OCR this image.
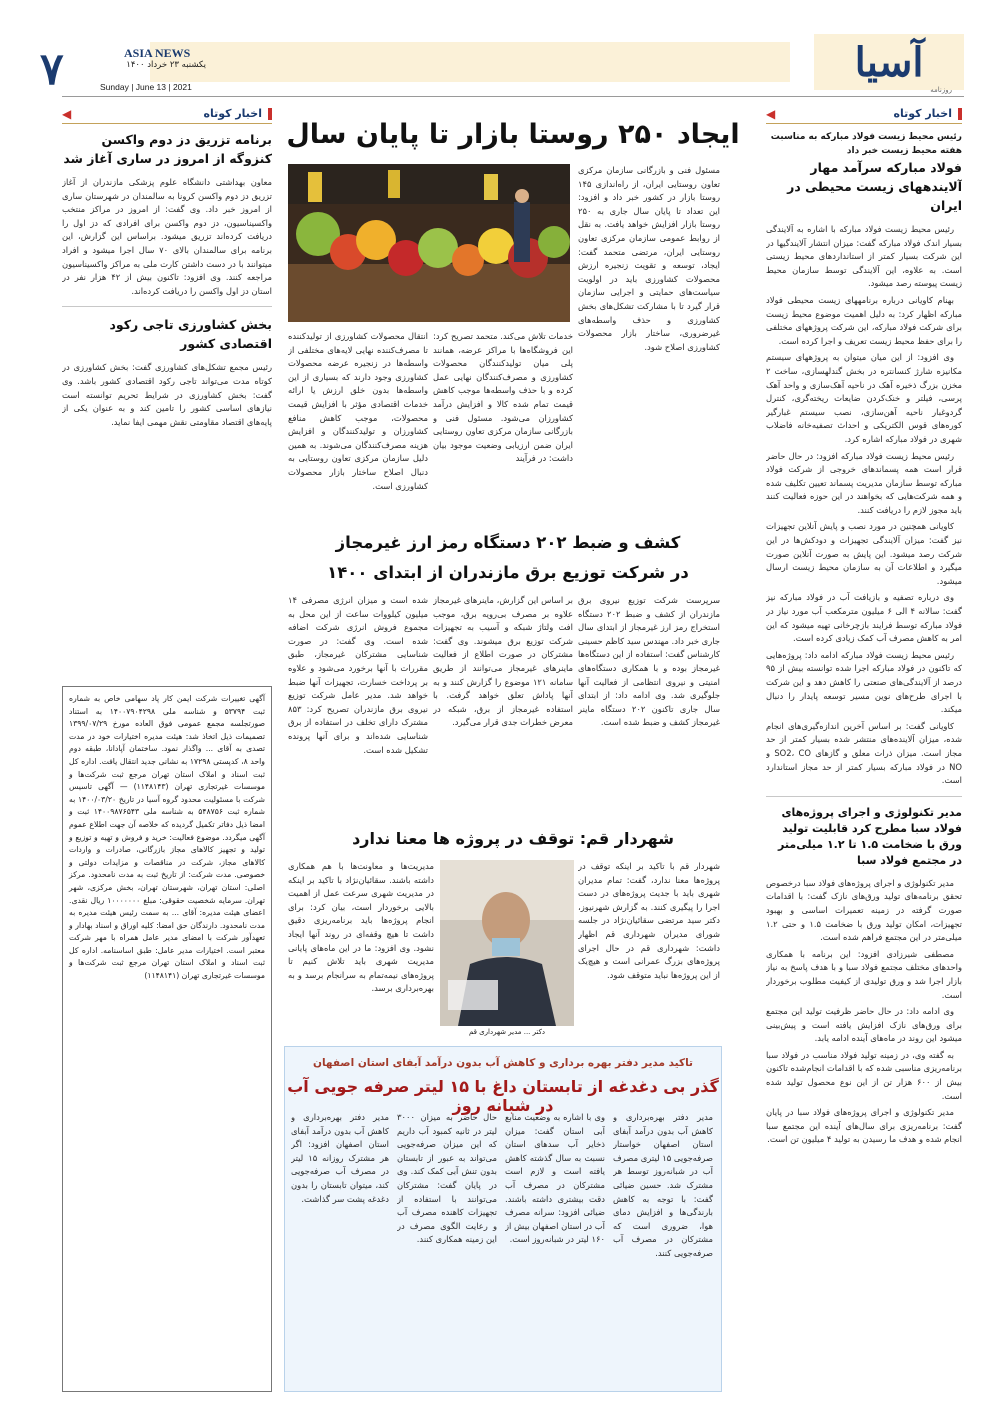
آسیا
روزنامه
۷	ASIA NEWS
یکشنبه ۲۳ خرداد ۱۴۰۰
Sunday | June 13 | 2021
اخبار کوتاه
◀
رئیس محیط زیست فولاد مبارکه به مناسبت هفته محیط زیست خبر داد
فولاد مبارکه سرآمد مهار آلایندههای زیست محیطی در ایران

رئیس محیط زیست فولاد مبارکه با اشاره به آلایندگی بسیار اندک فولاد مبارکه گفت: میزان انتشار آلایندگیها در این شرکت بسیار کمتر از استانداردهای محیط زیستی است. به علاوه، این آلایندگی توسط سازمان محیط زیست پیوسته رصد میشود.

بهنام کاویانی درباره برنامههای زیست محیطی فولاد مبارکه اظهار کرد: به دلیل اهمیت موضوع محیط زیست برای شرکت فولاد مبارکه، این شرکت پروژههای مختلفی را برای حفظ محیط زیست تعریف و اجرا کرده است.

وی افزود: از این میان میتوان به پروژههای سیستم مکانیزه شارژ کنسانتره در بخش گندلهسازی، ساخت ۲ مخزن بزرگ ذخیره آهک در ناحیه آهک‌سازی و واحد آهک پرسی، فیلتر و خنک‌کردن ضایعات ریخته‌گری، کنترل گردوغبار ناحیه آهن‌سازی، نصب سیستم غبارگیر کوره‌های قوس الکتریکی و احداث تصفیه‌خانه فاضلاب شهری در فولاد مبارکه اشاره کرد.

رئیس محیط زیست فولاد مبارکه افزود: در حال حاضر قرار است همه پسماندهای خروجی از شرکت فولاد مبارکه توسط سازمان مدیریت پسماند تعیین تکلیف شده و همه شرکت‌هایی که بخواهند در این حوزه فعالیت کنند باید مجوز لازم را دریافت کنند.

کاویانی همچنین در مورد نصب و پایش آنلاین تجهیزات نیز گفت: میزان آلایندگی تجهیزات و دودکش‌ها در این شرکت رصد میشود. این پایش به صورت آنلاین صورت میگیرد و اطلاعات آن به سازمان محیط زیست ارسال میشود.

وی درباره تصفیه و بازیافت آب در فولاد مبارکه نیز گفت: سالانه ۴ الی ۶ میلیون مترمکعب آب مورد نیاز در فولاد مبارکه توسط فرایند بازچرخانی تهیه میشود که این امر به کاهش مصرف آب کمک زیادی کرده است.

رئیس محیط زیست فولاد مبارکه ادامه داد: پروژه‌هایی که تاکنون در فولاد مبارکه اجرا شده توانسته بیش از ۹۵ درصد از آلایندگی‌های صنعتی را کاهش دهد و این شرکت با اجرای طرح‌های نوین مسیر توسعه پایدار را دنبال میکند.

کاویانی گفت: بر اساس آخرین اندازه‌گیری‌های انجام شده، میزان آلاینده‌های منتشر شده بسیار کمتر از حد مجاز است. میزان ذرات معلق و گازهای SO2، CO و NO در فولاد مبارکه بسیار کمتر از حد مجاز استاندارد است.

مدیر تکنولوژی و اجرای پروژه‌های فولاد سبا مطرح کرد قابلیت تولید ورق با ضخامت ۱.۵ تا ۱.۲ میلی‌متر در مجتمع فولاد سبا

مدیر تکنولوژی و اجرای پروژه‌های فولاد سبا درخصوص تحقق برنامه‌های تولید ورق‌های نازک گفت: با اقدامات صورت گرفته در زمینه تعمیرات اساسی و بهبود تجهیزات، امکان تولید ورق با ضخامت ۱.۵ و حتی ۱.۲ میلی‌متر در این مجتمع فراهم شده است.

مصطفی شیرزادی افزود: این برنامه با همکاری واحدهای مختلف مجتمع فولاد سبا و با هدف پاسخ به نیاز بازار اجرا شد و ورق تولیدی از کیفیت مطلوب برخوردار است.

وی ادامه داد: در حال حاضر ظرفیت تولید این مجتمع برای ورق‌های نازک افزایش یافته است و پیش‌بینی میشود این روند در ماه‌های آینده ادامه یابد.

به گفته وی، در زمینه تولید فولاد مناسب در فولاد سبا برنامه‌ریزی مناسبی شده که با اقدامات انجام‌شده تاکنون بیش از ۶۰۰ هزار تن از این نوع محصول تولید شده است.

مدیر تکنولوژی و اجرای پروژه‌های فولاد سبا در پایان گفت: برنامه‌ریزی برای سال‌های آینده این مجتمع سبا انجام شده و هدف ما رسیدن به تولید ۴ میلیون تن است.

ایجاد ۲۵۰ روستا بازار تا پایان سال
مسئول فنی و بازرگانی سازمان مرکزی تعاون روستایی ایران، از راه‌اندازی ۱۴۵ روستا بازار در کشور خبر داد و افزود: این تعداد تا پایان سال جاری به ۲۵۰ روستا بازار افزایش خواهد یافت. به نقل از روابط عمومی سازمان مرکزی تعاون روستایی ایران، مرتضی متحمد گفت: ایجاد، توسعه و تقویت زنجیره ارزش محصولات کشاورزی باید در اولویت سیاست‌های حمایتی و اجرایی سازمان قرار گیرد تا با مشارکت تشکل‌های بخش کشاورزی و حذف واسطه‌های غیرضروری، ساختار بازار محصولات کشاورزی اصلاح شود.
خدمات تلاش می‌کند. متحمد تصریح کرد: این فروشگاه‌ها با مراکز عرضه، همانند پلی میان تولیدکنندگان محصولات کشاورزی و مصرف‌کنندگان نهایی عمل کرده و با حذف واسطه‌ها موجب کاهش قیمت تمام شده کالا و افزایش درآمد کشاورزان می‌شود. مسئول فنی و بازرگانی سازمان مرکزی تعاون روستایی ایران ضمن ارزیابی وضعیت موجود بیان داشت: در فرآیند
انتقال محصولات کشاورزی از تولیدکننده تا مصرف‌کننده نهایی لایه‌های مختلفی از واسطه‌ها در زنجیره عرضه محصولات کشاورزی وجود دارند که بسیاری از این واسطه‌ها بدون خلق ارزش یا ارائه خدمات اقتصادی مؤثر با افزایش قیمت محصولات، موجب کاهش منافع کشاورزان و تولیدکنندگان و افزایش هزینه مصرف‌کنندگان می‌شوند. به همین دلیل سازمان مرکزی تعاون روستایی به دنبال اصلاح ساختار بازار محصولات کشاورزی است.
کشف و ضبط ۲۰۲ دستگاه رمز ارز غیرمجاز
در شرکت توزیع برق مازندران از ابتدای ۱۴۰۰
سرپرست شرکت توزیع نیروی برق مازندران از کشف و ضبط ۲۰۲ دستگاه استخراج رمز ارز غیرمجاز از ابتدای سال جاری خبر داد. مهندس سید کاظم حسینی کارشناس گفت: استفاده از این دستگاه‌ها غیرمجاز بوده و با همکاری دستگاه‌های امنیتی و نیروی انتظامی از فعالیت آنها جلوگیری شد. وی ادامه داد: از ابتدای سال جاری تاکنون ۲۰۲ دستگاه ماینر غیرمجاز کشف و ضبط شده است.
بر اساس این گزارش، ماینرهای غیرمجاز علاوه بر مصرف بی‌رویه برق، موجب افت ولتاژ شبکه و آسیب به تجهیزات شرکت توزیع برق میشوند. وی گفت: مشترکان در صورت اطلاع از فعالیت ماینرهای غیرمجاز می‌توانند از طریق سامانه ۱۲۱ موضوع را گزارش کنند و به آنها پاداش تعلق خواهد گرفت. با استفاده غیرمجاز از برق، شبکه در معرض خطرات جدی قرار می‌گیرد.
شده است و میزان انرژی مصرفی ۱۴ میلیون کیلووات ساعت از این محل به مجموع فروش انرژی شرکت اضافه شده است. وی گفت: در صورت شناسایی مشترکان غیرمجاز، طبق مقررات با آنها برخورد می‌شود و علاوه بر پرداخت خسارت، تجهیزات آنها ضبط خواهد شد. مدیر عامل شرکت توزیع نیروی برق مازندران تصریح کرد: ۸۵۳ مشترک دارای تخلف در استفاده از برق شناسایی شده‌اند و برای آنها پرونده تشکیل شده است.
شهردار قم: توقف در پروژه ها معنا ندارد
شهردار قم با تاکید بر اینکه توقف در پروژه‌ها معنا ندارد، گفت: تمام مدیران شهری باید با جدیت پروژه‌های در دست اجرا را پیگیری کنند. به گزارش شهرنیوز، دکتر سید مرتضی سقائیان‌نژاد در جلسه شورای مدیران شهرداری قم اظهار داشت: شهرداری قم در حال اجرای پروژه‌های بزرگ عمرانی است و هیچ‌یک از این پروژه‌ها نباید متوقف شود.
مدیریت‌ها و معاونت‌ها با هم همکاری داشته باشند. سقائیان‌نژاد با تاکید بر اینکه در مدیریت شهری سرعت عمل از اهمیت بالایی برخوردار است، بیان کرد: برای انجام پروژه‌ها باید برنامه‌ریزی دقیق داشت تا هیچ وقفه‌ای در روند آنها ایجاد نشود. وی افزود: ما در این ماه‌های پایانی مدیریت شهری باید تلاش کنیم تا پروژه‌های نیمه‌تمام به سرانجام برسد و به بهره‌برداری برسد.
دکتر ... مدیر شهرداری قم
تاکید مدیر دفتر بهره برداری و کاهش آب بدون درآمد آبفای استان اصفهان
گذر بی دغدغه از تابستان داغ با ۱۵ لیتر صرفه جویی آب در شبانه روز
مدیر دفتر بهره‌برداری و کاهش آب بدون درآمد آبفای استان اصفهان خواستار صرفه‌جویی ۱۵ لیتری مصرف آب در شبانه‌روز توسط هر مشترک شد. حسین ضیائی گفت: با توجه به کاهش بارندگی‌ها و افزایش دمای هوا، ضروری است که مشترکان در مصرف آب صرفه‌جویی کنند.
وی با اشاره به وضعیت منابع آبی استان گفت: میزان ذخایر آب سدهای استان نسبت به سال گذشته کاهش یافته است و لازم است مشترکان در مصرف آب دقت بیشتری داشته باشند. ضیائی افزود: سرانه مصرف آب در استان اصفهان بیش از ۱۶۰ لیتر در شبانه‌روز است.
حال حاضر به میزان ۳۰۰۰ لیتر در ثانیه کمبود آب داریم که این میزان صرفه‌جویی می‌تواند به عبور از تابستان بدون تنش آبی کمک کند. وی در پایان گفت: مشترکان می‌توانند با استفاده از تجهیزات کاهنده مصرف آب و رعایت الگوی مصرف در این زمینه همکاری کنند.
مدیر دفتر بهره‌برداری و کاهش آب بدون درآمد آبفای استان اصفهان افزود: اگر هر مشترک روزانه ۱۵ لیتر در مصرف آب صرفه‌جویی کند، میتوان تابستان را بدون دغدغه پشت سر گذاشت.
اخبار کوتاه
◀
برنامه تزریق دز دوم واکسن کنزوگه از امروز در ساری آغاز شد
معاون بهداشتی دانشگاه علوم پزشکی مازندران از آغاز تزریق دز دوم واکسن کرونا به سالمندان در شهرستان ساری از امروز خبر داد. وی گفت: از امروز در مراکز منتخب واکسیناسیون، دز دوم واکسن برای افرادی که دز اول را دریافت کرده‌اند تزریق میشود. براساس این گزارش، این برنامه برای سالمندان بالای ۷۰ سال اجرا میشود و افراد میتوانند با در دست داشتن کارت ملی به مراکز واکسیناسیون مراجعه کنند. وی افزود: تاکنون بیش از ۴۲ هزار نفر در استان دز اول واکسن را دریافت کرده‌اند.
بخش کشاورزی تاجی رکود اقتصادی کشور
رئیس مجمع تشکل‌های کشاورزی گفت: بخش کشاورزی در کوتاه مدت می‌تواند تاجی رکود اقتصادی کشور باشد. وی گفت: بخش کشاورزی در شرایط تحریم توانسته است نیازهای اساسی کشور را تامین کند و به عنوان یکی از پایه‌های اقتصاد مقاومتی نقش مهمی ایفا نماید.
آگهی تغییرات شرکت ایمن کار پاد سهامی خاص به شماره ثبت ۵۳۷۹۴ و شناسه ملی ۱۴۰۰۷۹۰۴۲۹۸ به استناد صورتجلسه مجمع عمومی فوق العاده مورخ ۱۳۹۹/۰۷/۲۹ تصمیمات ذیل اتخاذ شد: هیئت مدیره اختیارات خود در مدت تصدی به آقای ... واگذار نمود. ساختمان آپادانا، طبقه دوم واحد ۸، کدپستی ۱۷۲۹۸ به نشانی جدید انتقال یافت. اداره کل ثبت اسناد و املاک استان تهران مرجع ثبت شرکت‌ها و موسسات غیرتجاری تهران (۱۱۴۸۱۴۳) — آگهی تاسیس شرکت با مسئولیت محدود گروه آسیا در تاریخ ۱۴۰۰/۰۳/۲۰ به شماره ثبت ۵۴۸۷۵۶ به شناسه ملی ۱۴۰۰۹۸۷۶۵۴۳ ثبت و امضا ذیل دفاتر تکمیل گردیده که خلاصه آن جهت اطلاع عموم آگهی میگردد. موضوع فعالیت: خرید و فروش و تهیه و توزیع و تولید و تجهیز کالاهای مجاز بازرگانی، صادرات و واردات کالاهای مجاز، شرکت در مناقصات و مزایدات دولتی و خصوصی. مدت شرکت: از تاریخ ثبت به مدت نامحدود. مرکز اصلی: استان تهران، شهرستان تهران، بخش مرکزی، شهر تهران. سرمایه شخصیت حقوقی: مبلغ ۱۰۰۰۰۰۰۰ ریال نقدی. اعضای هیئت مدیره: آقای ... به سمت رئیس هیئت مدیره به مدت نامحدود. دارندگان حق امضا: کلیه اوراق و اسناد بهادار و تعهدآور شرکت با امضای مدیر عامل همراه با مهر شرکت معتبر است. اختیارات مدیر عامل: طبق اساسنامه. اداره کل ثبت اسناد و املاک استان تهران مرجع ثبت شرکت‌ها و موسسات غیرتجاری تهران (۱۱۴۸۱۴۱)
